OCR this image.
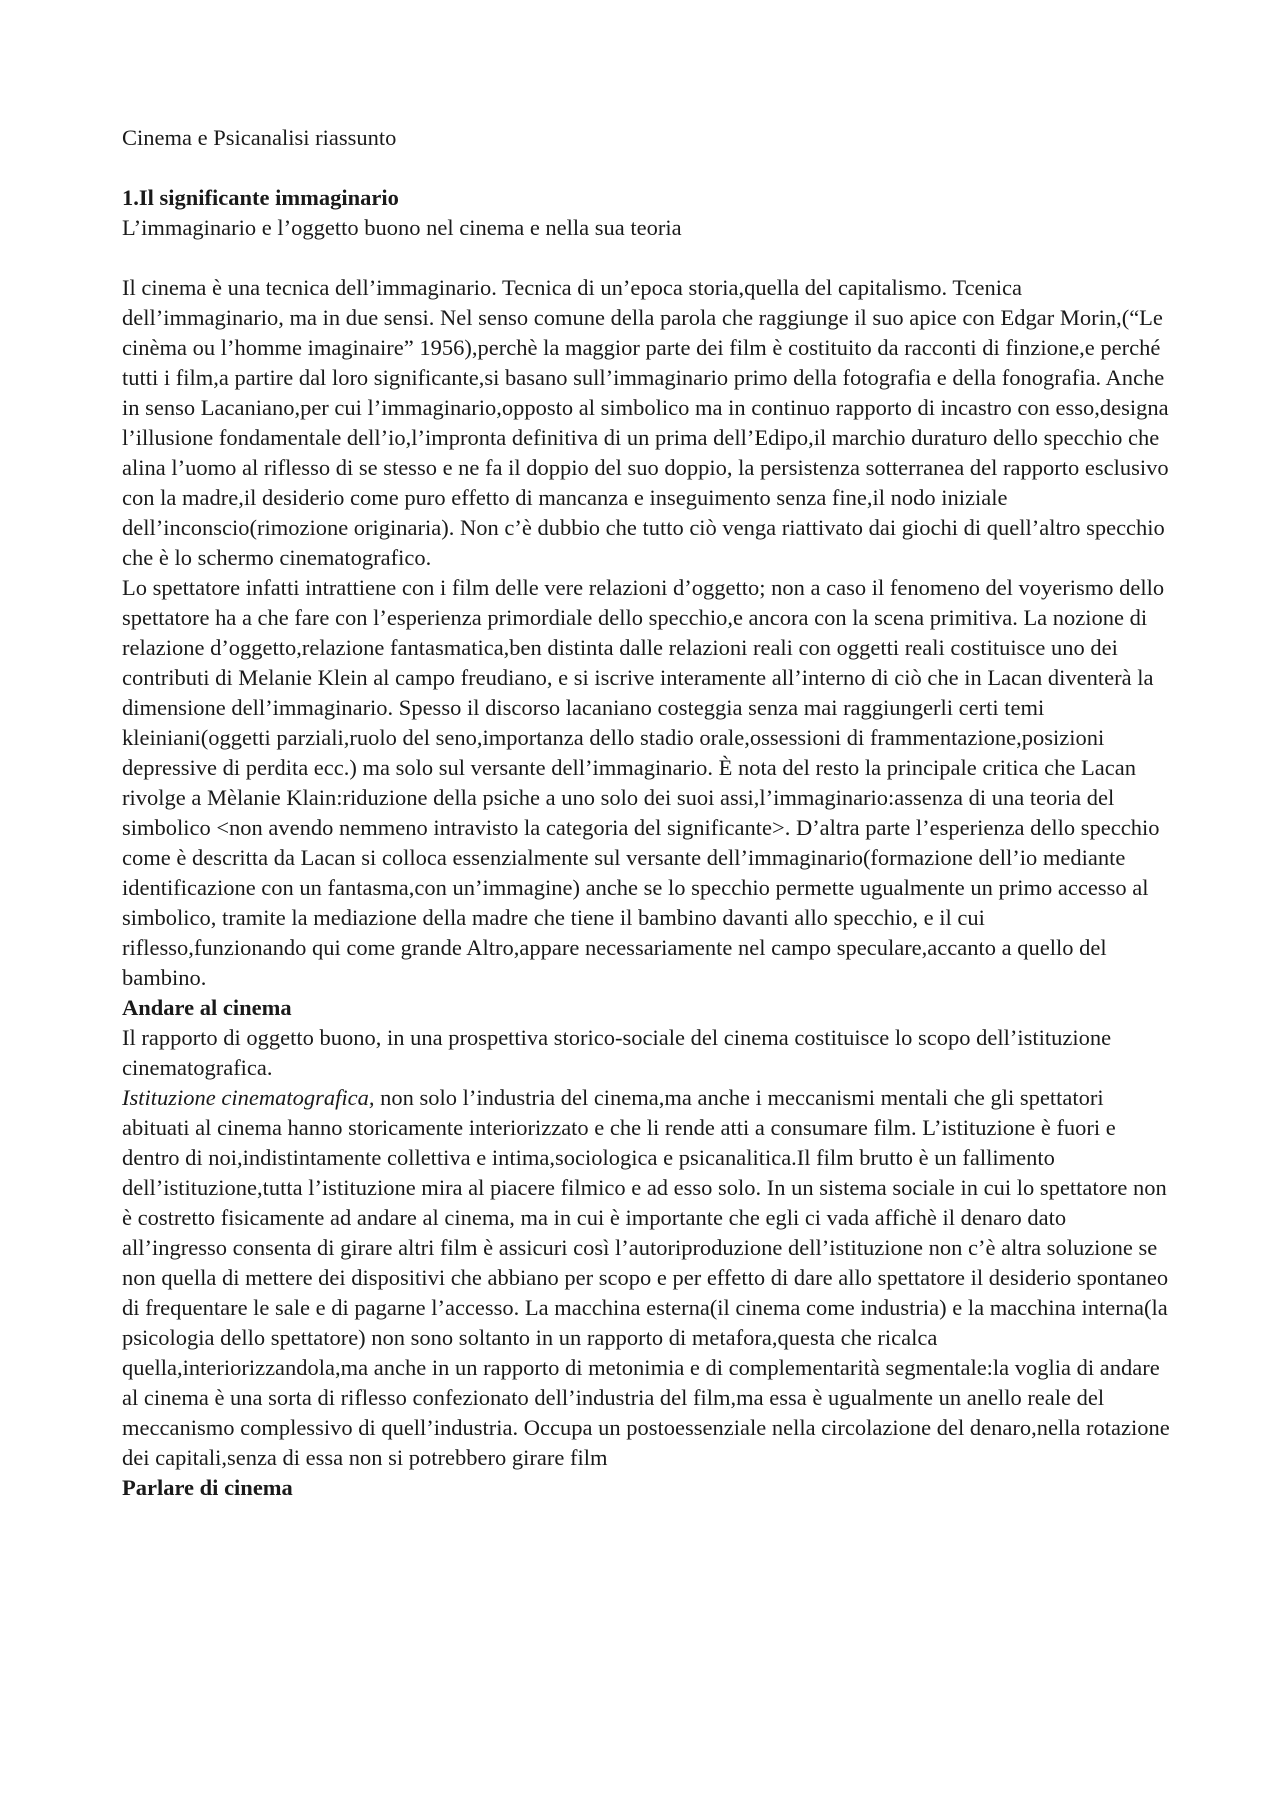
Cinema e Psicanalisi riassunto

1.Il significante immaginario

L’immaginario e l’oggetto buono nel cinema e nella sua teoria

Il cinema è una tecnica dell’immaginario. Tecnica di un’epoca storia,quella del capitalismo. Tcenica dell’immaginario, ma in due sensi. Nel senso comune della parola che raggiunge il suo apice con Edgar Morin,(“Le cinèma ou l’homme imaginaire” 1956),perchè la maggior parte dei film è costituito da racconti di finzione,e perché tutti i film,a partire dal loro significante,si basano sull’immaginario primo della fotografia e della fonografia. Anche in senso Lacaniano,per cui l’immaginario,opposto al simbolico ma in continuo rapporto di incastro con esso,designa l’illusione fondamentale dell’io,l’impronta definitiva di un prima dell’Edipo,il marchio duraturo dello specchio che alina l’uomo al riflesso di se stesso e ne fa il doppio del suo doppio, la persistenza sotterranea del rapporto esclusivo con la madre,il desiderio come puro effetto di mancanza e inseguimento senza fine,il nodo iniziale dell’inconscio(rimozione originaria). Non c’è dubbio che tutto ciò venga riattivato dai giochi di quell’altro specchio che è lo schermo cinematografico.

Lo spettatore infatti intrattiene con i film delle vere relazioni d’oggetto; non a caso il fenomeno del voyerismo dello spettatore ha a che fare con l’esperienza primordiale dello specchio,e ancora con la scena primitiva. La nozione di relazione d’oggetto,relazione fantasmatica,ben distinta dalle relazioni reali con oggetti reali costituisce uno dei contributi di Melanie Klein al campo freudiano, e si iscrive interamente all’interno di ciò che in Lacan diventerà la dimensione dell’immaginario. Spesso il discorso lacaniano costeggia senza mai raggiungerli certi temi kleiniani(oggetti parziali,ruolo del seno,importanza dello stadio orale,ossessioni di frammentazione,posizioni depressive di perdita ecc.) ma solo sul versante dell’immaginario. È nota del resto la principale critica che Lacan rivolge a Mèlanie Klain:riduzione della psiche a uno solo dei suoi assi,l’immaginario:assenza di una teoria del simbolico <non avendo nemmeno intravisto la categoria del significante>. D’altra parte l’esperienza dello specchio come è descritta da Lacan si colloca essenzialmente sul versante dell’immaginario(formazione dell’io mediante identificazione con un fantasma,con un’immagine) anche se lo specchio permette ugualmente un primo accesso al simbolico, tramite la mediazione della madre che tiene il bambino davanti allo specchio, e il cui riflesso,funzionando qui come grande Altro,appare necessariamente nel campo speculare,accanto a quello del bambino.

Andare al cinema

Il rapporto di oggetto buono, in una prospettiva storico-sociale del cinema costituisce lo scopo dell’istituzione cinematografica.

Istituzione cinematografica, non solo l’industria del cinema,ma anche i meccanismi mentali che gli spettatori abituati al cinema hanno storicamente interiorizzato e che li rende atti a consumare film. L’istituzione è fuori e dentro di noi,indistintamente collettiva e intima,sociologica e psicanalitica.Il film brutto è un fallimento dell’istituzione,tutta l’istituzione mira al piacere filmico e ad esso solo. In un sistema sociale in cui lo spettatore non è costretto fisicamente ad andare al cinema, ma in cui è importante che egli ci vada affichè il denaro dato all’ingresso consenta di girare altri film è assicuri così l’autoriproduzione dell’istituzione non c’è altra soluzione se non quella di mettere dei dispositivi che abbiano per scopo e per effetto di dare allo spettatore il desiderio spontaneo di frequentare le sale e di pagarne l’accesso. La macchina esterna(il cinema come industria) e la macchina interna(la psicologia dello spettatore) non sono soltanto in un rapporto di metafora,questa che ricalca quella,interiorizzandola,ma anche in un rapporto di metonimia e di complementarità segmentale:la voglia di andare al cinema è una sorta di riflesso confezionato dell’industria del film,ma essa è ugualmente un anello reale del meccanismo complessivo di quell’industria. Occupa un postoessenziale nella circolazione del denaro,nella rotazione dei capitali,senza di essa non si potrebbero girare film

Parlare di cinema
